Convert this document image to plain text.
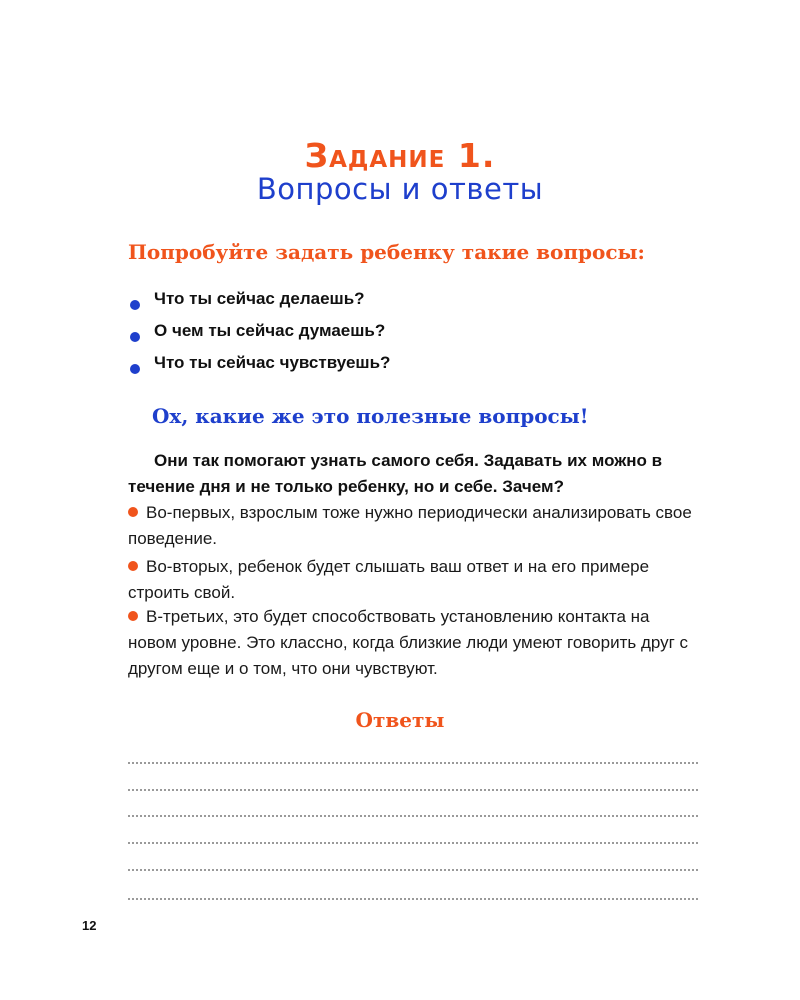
Задание 1.
Вопросы и ответы
Попробуйте задать ребенку такие вопросы:
Что ты сейчас делаешь?
О чем ты сейчас думаешь?
Что ты сейчас чувствуешь?
Ох, какие же это полезные вопросы!

Они так помогают узнать самого себя. Задавать их можно в течение дня и не только ребенку, но и себе. Зачем?

Во-первых, взрослым тоже нужно периодически анализировать свое поведение.

Во-вторых, ребенок будет слышать ваш ответ и на его примере строить свой.

В-третьих, это будет способствовать установлению контакта на новом уровне. Это классно, когда близкие люди умеют говорить друг с другом еще и о том, что они чувствуют.

Ответы
12
